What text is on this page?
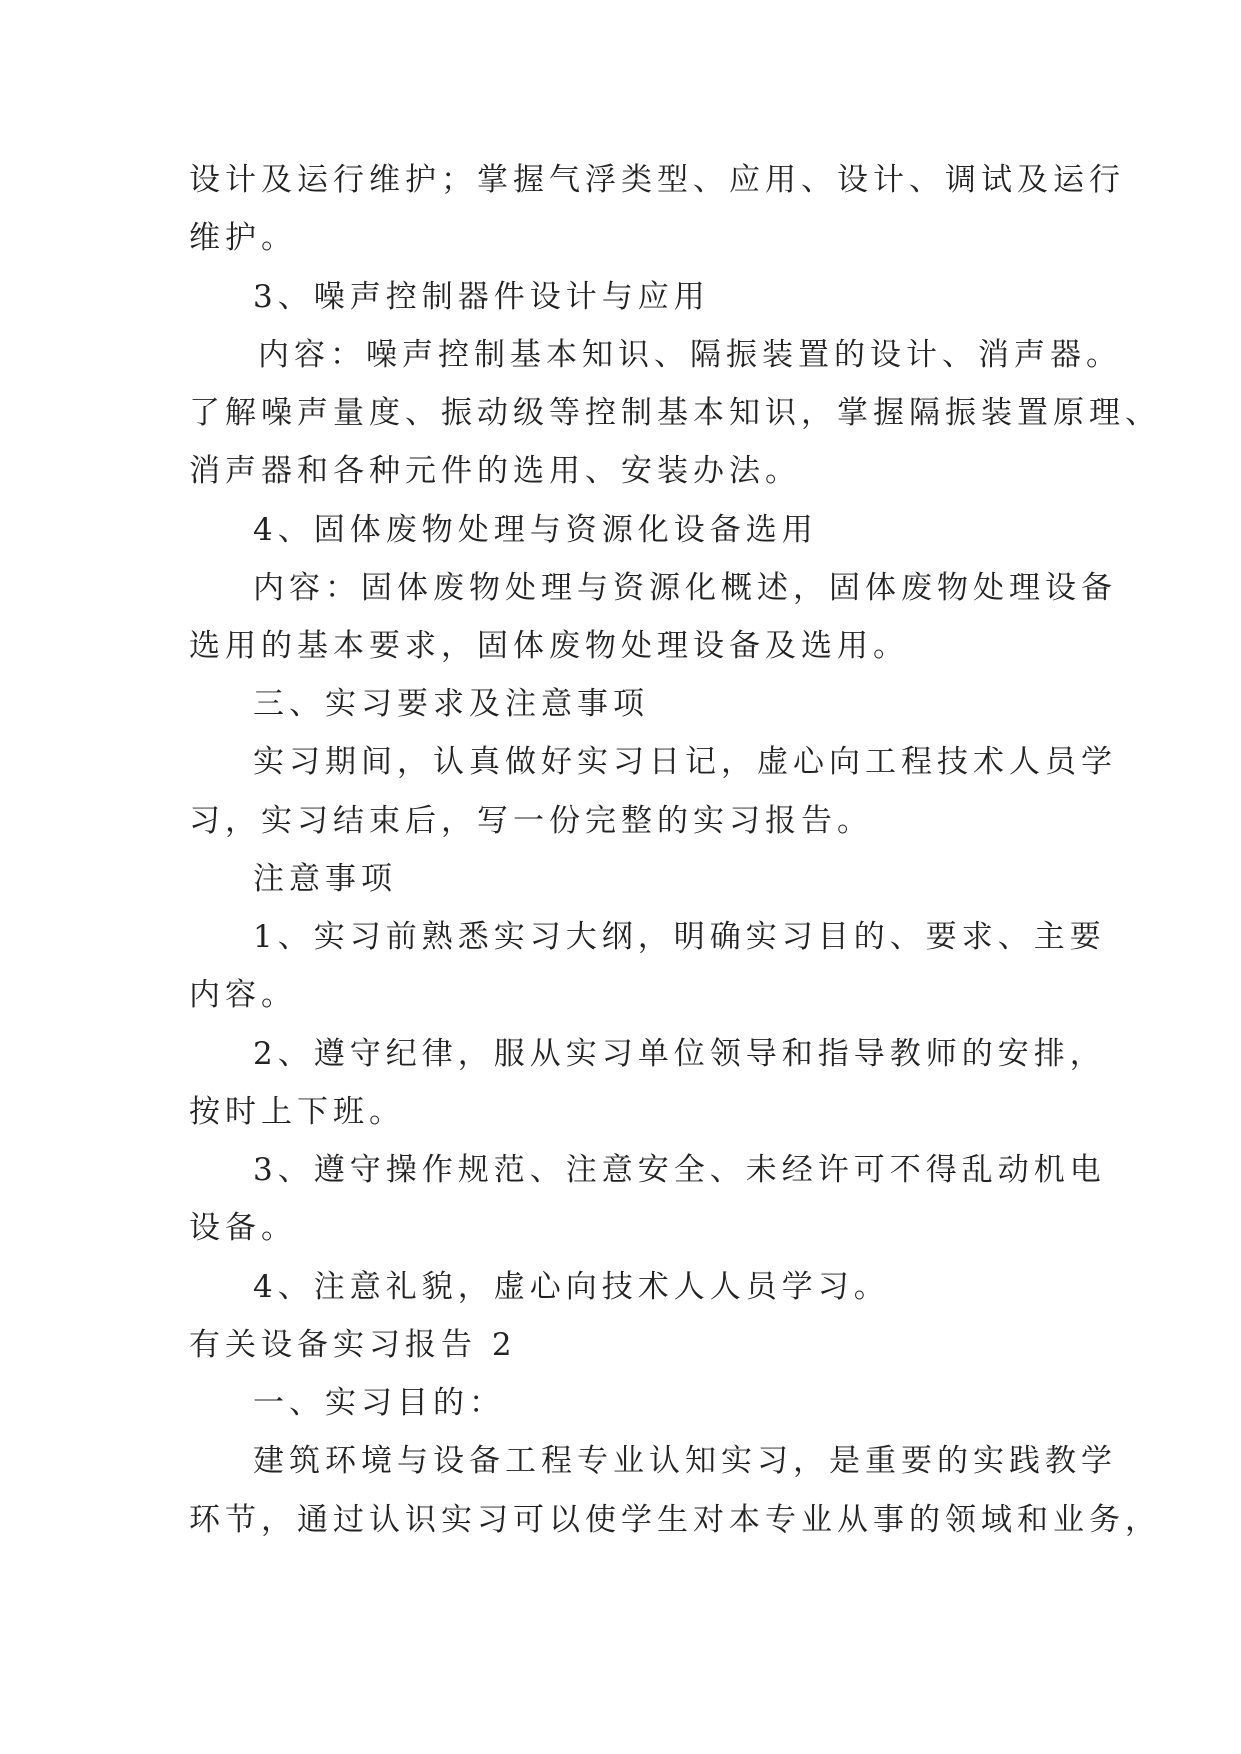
设计及运行维护；掌握气浮类型、应用、设计、调试及运行
维护。
3、噪声控制器件设计与应用
内容：噪声控制基本知识、隔振装置的设计、消声器。
了解噪声量度、振动级等控制基本知识，掌握隔振装置原理、
消声器和各种元件的选用、安装办法。
4、固体废物处理与资源化设备选用
内容：固体废物处理与资源化概述，固体废物处理设备
选用的基本要求，固体废物处理设备及选用。
三、实习要求及注意事项
实习期间，认真做好实习日记，虚心向工程技术人员学
习，实习结束后，写一份完整的实习报告。
注意事项
1、实习前熟悉实习大纲，明确实习目的、要求、主要
内容。
2、遵守纪律，服从实习单位领导和指导教师的安排，
按时上下班。
3、遵守操作规范、注意安全、未经许可不得乱动机电
设备。
4、注意礼貌，虚心向技术人人员学习。
有关设备实习报告 2
一、实习目的：
建筑环境与设备工程专业认知实习，是重要的实践教学
环节，通过认识实习可以使学生对本专业从事的领域和业务，
